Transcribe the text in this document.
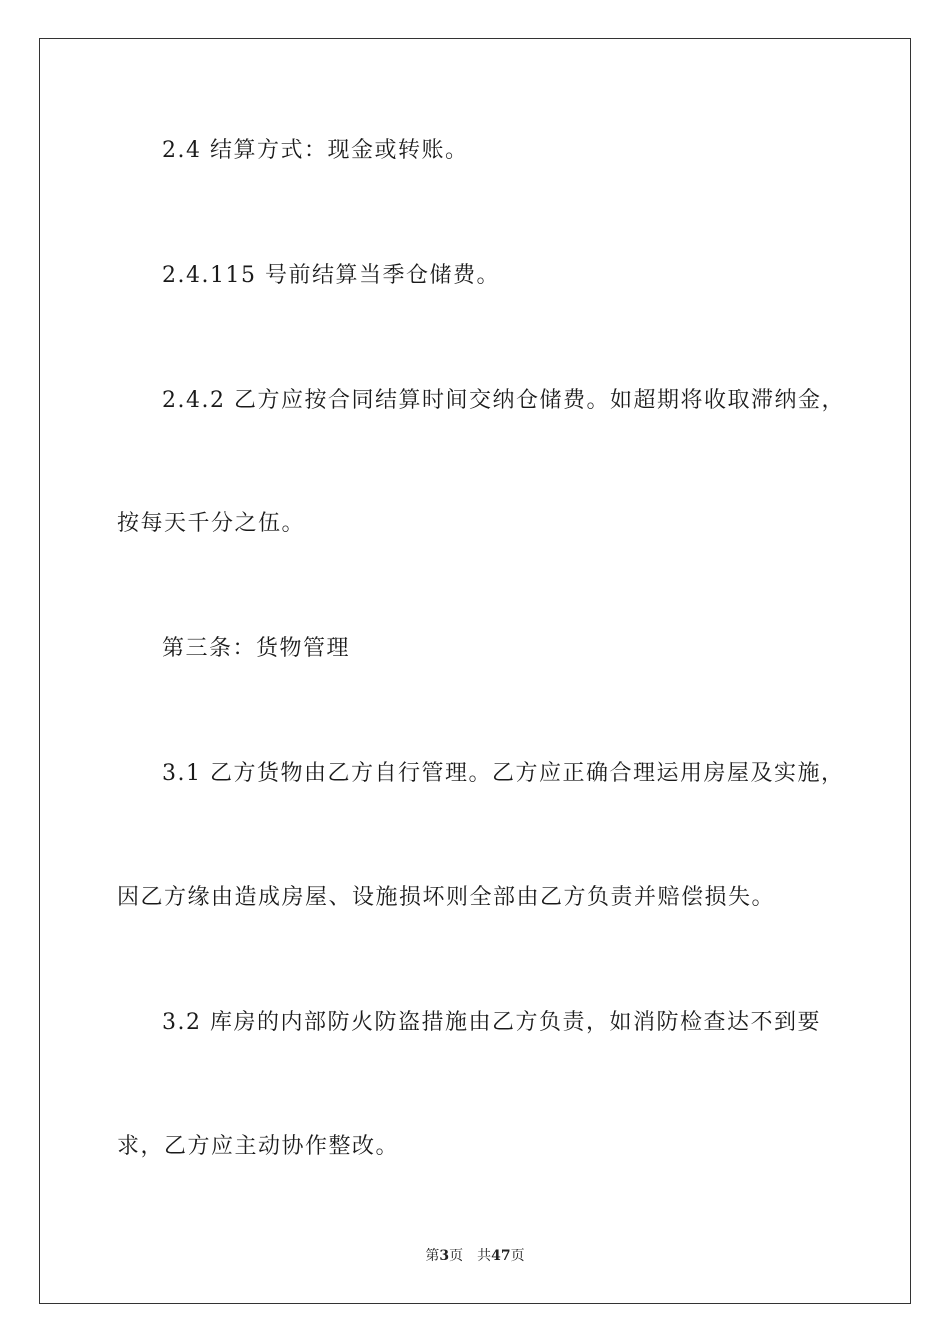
2.4 结算方式：现金或转账。
2.4.115 号前结算当季仓储费。
2.4.2 乙方应按合同结算时间交纳仓储费。如超期将收取滞纳金，
按每天千分之伍。
第三条：货物管理
3.1 乙方货物由乙方自行管理。乙方应正确合理运用房屋及实施，
因乙方缘由造成房屋、设施损坏则全部由乙方负责并赔偿损失。
3.2 库房的内部防火防盗措施由乙方负责，如消防检查达不到要
求，乙方应主动协作整改。
第3页 共47页
